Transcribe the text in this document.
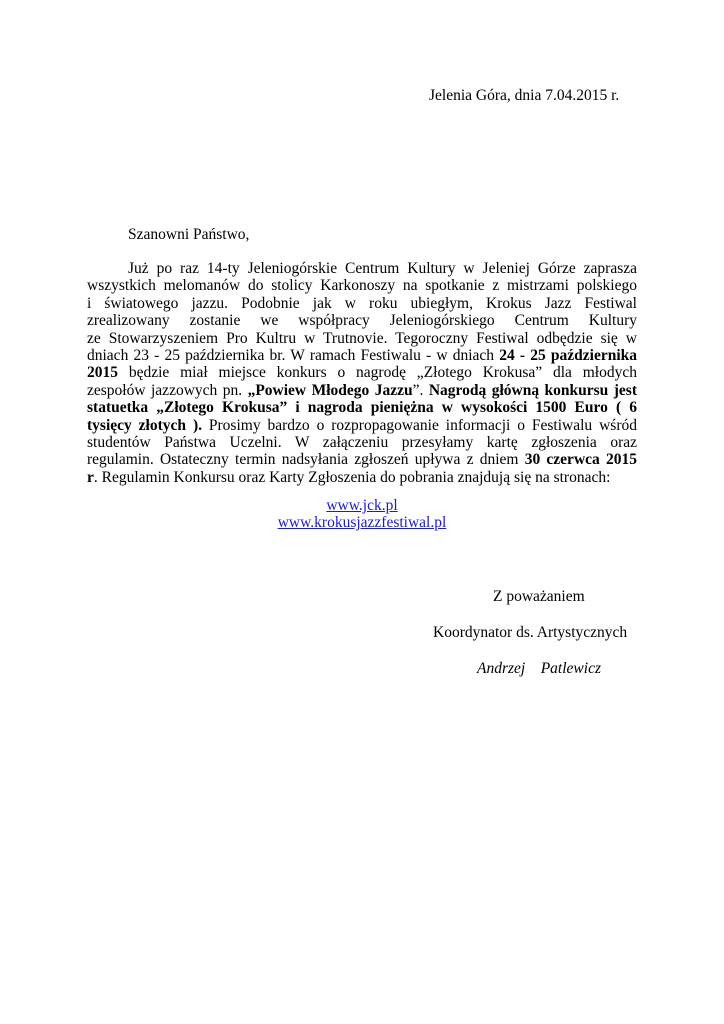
Jelenia Góra, dnia 7.04.2015 r.
Szanowni Państwo,
Już po raz 14-ty Jeleniogórskie Centrum Kultury w Jeleniej Górze zaprasza
wszystkich melomanów do stolicy Karkonoszy na spotkanie z mistrzami polskiego
i światowego jazzu. Podobnie jak w roku ubiegłym, Krokus Jazz Festiwal
zrealizowany zostanie we współpracy Jeleniogórskiego Centrum Kultury
ze Stowarzyszeniem Pro Kultru w Trutnovie. Tegoroczny Festiwal odbędzie się w
dniach 23 - 25 października br. W ramach Festiwalu - w dniach 24 - 25 października
2015 będzie miał miejsce konkurs o nagrodę „Złotego Krokusa” dla młodych
zespołów jazzowych pn. „Powiew Młodego Jazzu”. Nagrodą główną konkursu jest
statuetka „Złotego Krokusa” i nagroda pieniężna w wysokości 1500 Euro ( 6
tysięcy złotych ). Prosimy bardzo o rozpropagowanie informacji o Festiwalu wśród
studentów Państwa Uczelni. W załączeniu przesyłamy kartę zgłoszenia oraz
regulamin. Ostateczny termin nadsyłania zgłoszeń upływa z dniem 30 czerwca 2015
r. Regulamin Konkursu oraz Karty Zgłoszenia do pobrania znajdują się na stronach:
www.jck.pl
www.krokusjazzfestiwal.pl
Z poważaniem
Koordynator ds. Artystycznych
Andrzej    Patlewicz
